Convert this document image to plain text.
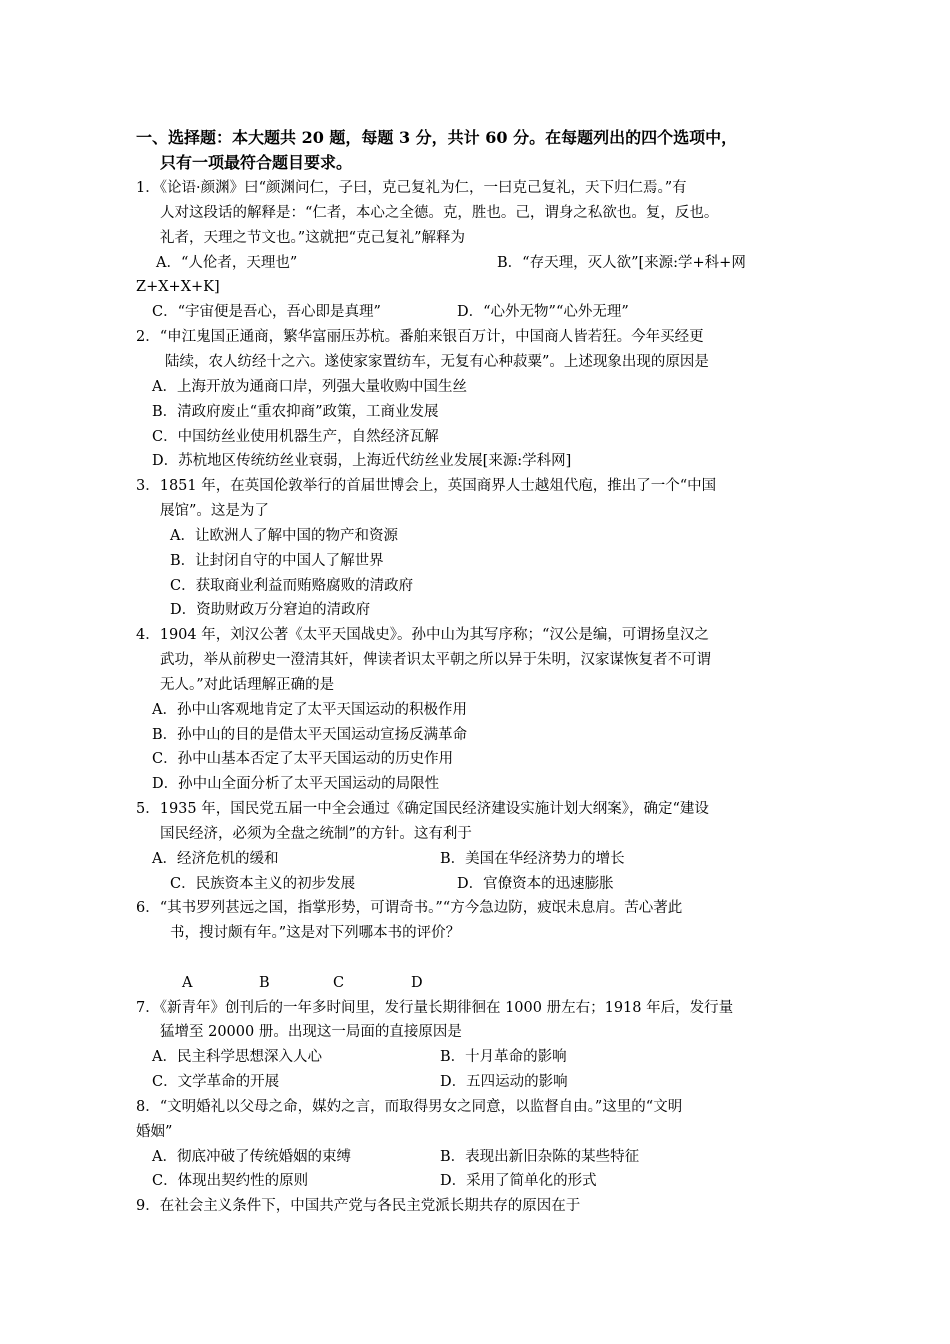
一、选择题：本大题共 20 题，每题 3 分，共计 60 分。在每题列出的四个选项中，
只有一项最符合题目要求。
1．《论语·颜渊》曰“颜渊问仁，子曰，克己复礼为仁，一曰克己复礼，天下归仁焉。”有
人对这段话的解释是：“仁者，本心之全德。克，胜也。己，谓身之私欲也。复，反也。
礼者，天理之节文也。”这就把“克己复礼”解释为
A．“人伦者，天理也”	B．“存天理，灭人欲”[来源:学+科+网
Z+X+X+K]
C．“宇宙便是吾心，吾心即是真理”	D．“心外无物”“心外无理”
2．“申江鬼国正通商，繁华富丽压苏杭。番舶来银百万计，中国商人皆若狂。今年买经更
陆续，农人纺经十之六。遂使家家置纺车，无复有心种菽粟”。上述现象出现的原因是
A．上海开放为通商口岸，列强大量收购中国生丝
B．清政府废止“重农抑商”政策，工商业发展
C．中国纺丝业使用机器生产，自然经济瓦解
D．苏杭地区传统纺丝业衰弱，上海近代纺丝业发展[来源:学科网]
3．1851 年，在英国伦敦举行的首届世博会上，英国商界人士越俎代庖，推出了一个“中国
展馆”。这是为了
A．让欧洲人了解中国的物产和资源
B．让封闭自守的中国人了解世界
C．获取商业利益而贿赂腐败的清政府
D．资助财政万分窘迫的清政府
4．1904 年，刘汉公著《太平天国战史》。孙中山为其写序称；“汉公是编，可谓扬皇汉之
武功，举从前秽史一澄清其奸，俾读者识太平朝之所以异于朱明，汉家谋恢复者不可谓
无人。”对此话理解正确的是
A．孙中山客观地肯定了太平天国运动的积极作用
B．孙中山的目的是借太平天国运动宣扬反满革命
C．孙中山基本否定了太平天国运动的历史作用
D．孙中山全面分析了太平天国运动的局限性
5．1935 年，国民党五届一中全会通过《确定国民经济建设实施计划大纲案》，确定“建设
国民经济，必须为全盘之统制”的方针。这有利于
A．经济危机的缓和	B．美国在华经济势力的增长
C．民族资本主义的初步发展	D．官僚资本的迅速膨胀
6．“其书罗列甚远之国，指掌形势，可谓奇书。”“方今急边防，疲氓未息肩。苦心著此
书，搜讨颇有年。”这是对下列哪本书的评价？
A	B	C	D
7．《新青年》创刊后的一年多时间里，发行量长期徘徊在 1000 册左右；1918 年后，发行量
猛增至 20000 册。出现这一局面的直接原因是
A．民主科学思想深入人心	B．十月革命的影响
C．文学革命的开展	D．五四运动的影响
8．“文明婚礼以父母之命，媒妁之言，而取得男女之同意，以监督自由。”这里的“文明
婚姻”
A．彻底冲破了传统婚姻的束缚	B．表现出新旧杂陈的某些特征
C．体现出契约性的原则	D．采用了简单化的形式
9．在社会主义条件下，中国共产党与各民主党派长期共存的原因在于
